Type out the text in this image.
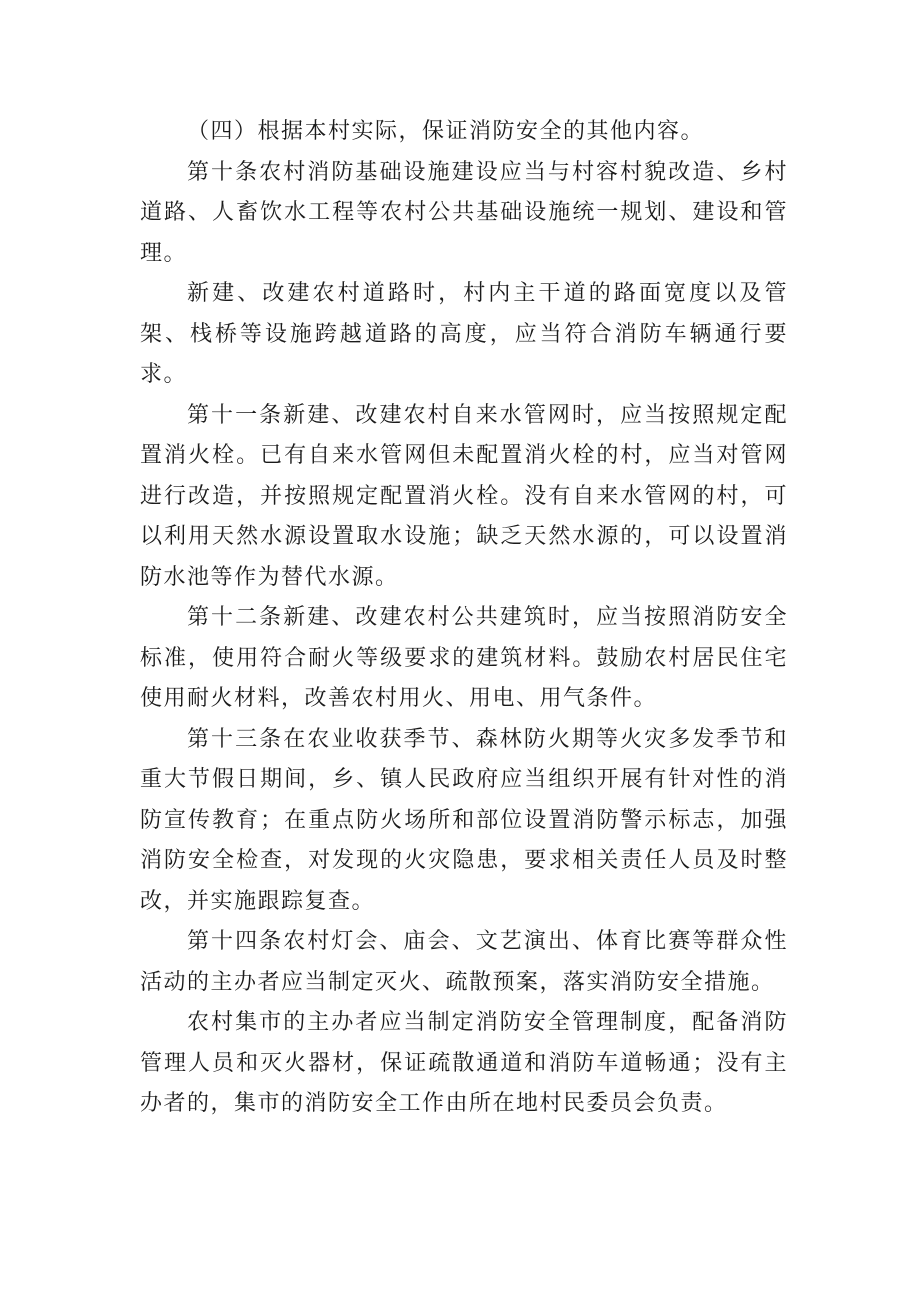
（四）根据本村实际，保证消防安全的其他内容。

第十条农村消防基础设施建设应当与村容村貌改造、乡村道路、人畜饮水工程等农村公共基础设施统一规划、建设和管理。

新建、改建农村道路时，村内主干道的路面宽度以及管架、栈桥等设施跨越道路的高度，应当符合消防车辆通行要求。

第十一条新建、改建农村自来水管网时，应当按照规定配置消火栓。已有自来水管网但未配置消火栓的村，应当对管网进行改造，并按照规定配置消火栓。没有自来水管网的村，可以利用天然水源设置取水设施；缺乏天然水源的，可以设置消防水池等作为替代水源。

第十二条新建、改建农村公共建筑时，应当按照消防安全标准，使用符合耐火等级要求的建筑材料。鼓励农村居民住宅使用耐火材料，改善农村用火、用电、用气条件。

第十三条在农业收获季节、森林防火期等火灾多发季节和重大节假日期间，乡、镇人民政府应当组织开展有针对性的消防宣传教育；在重点防火场所和部位设置消防警示标志，加强消防安全检查，对发现的火灾隐患，要求相关责任人员及时整改，并实施跟踪复查。

第十四条农村灯会、庙会、文艺演出、体育比赛等群众性活动的主办者应当制定灭火、疏散预案，落实消防安全措施。

农村集市的主办者应当制定消防安全管理制度，配备消防管理人员和灭火器材，保证疏散通道和消防车道畅通；没有主办者的，集市的消防安全工作由所在地村民委员会负责。
